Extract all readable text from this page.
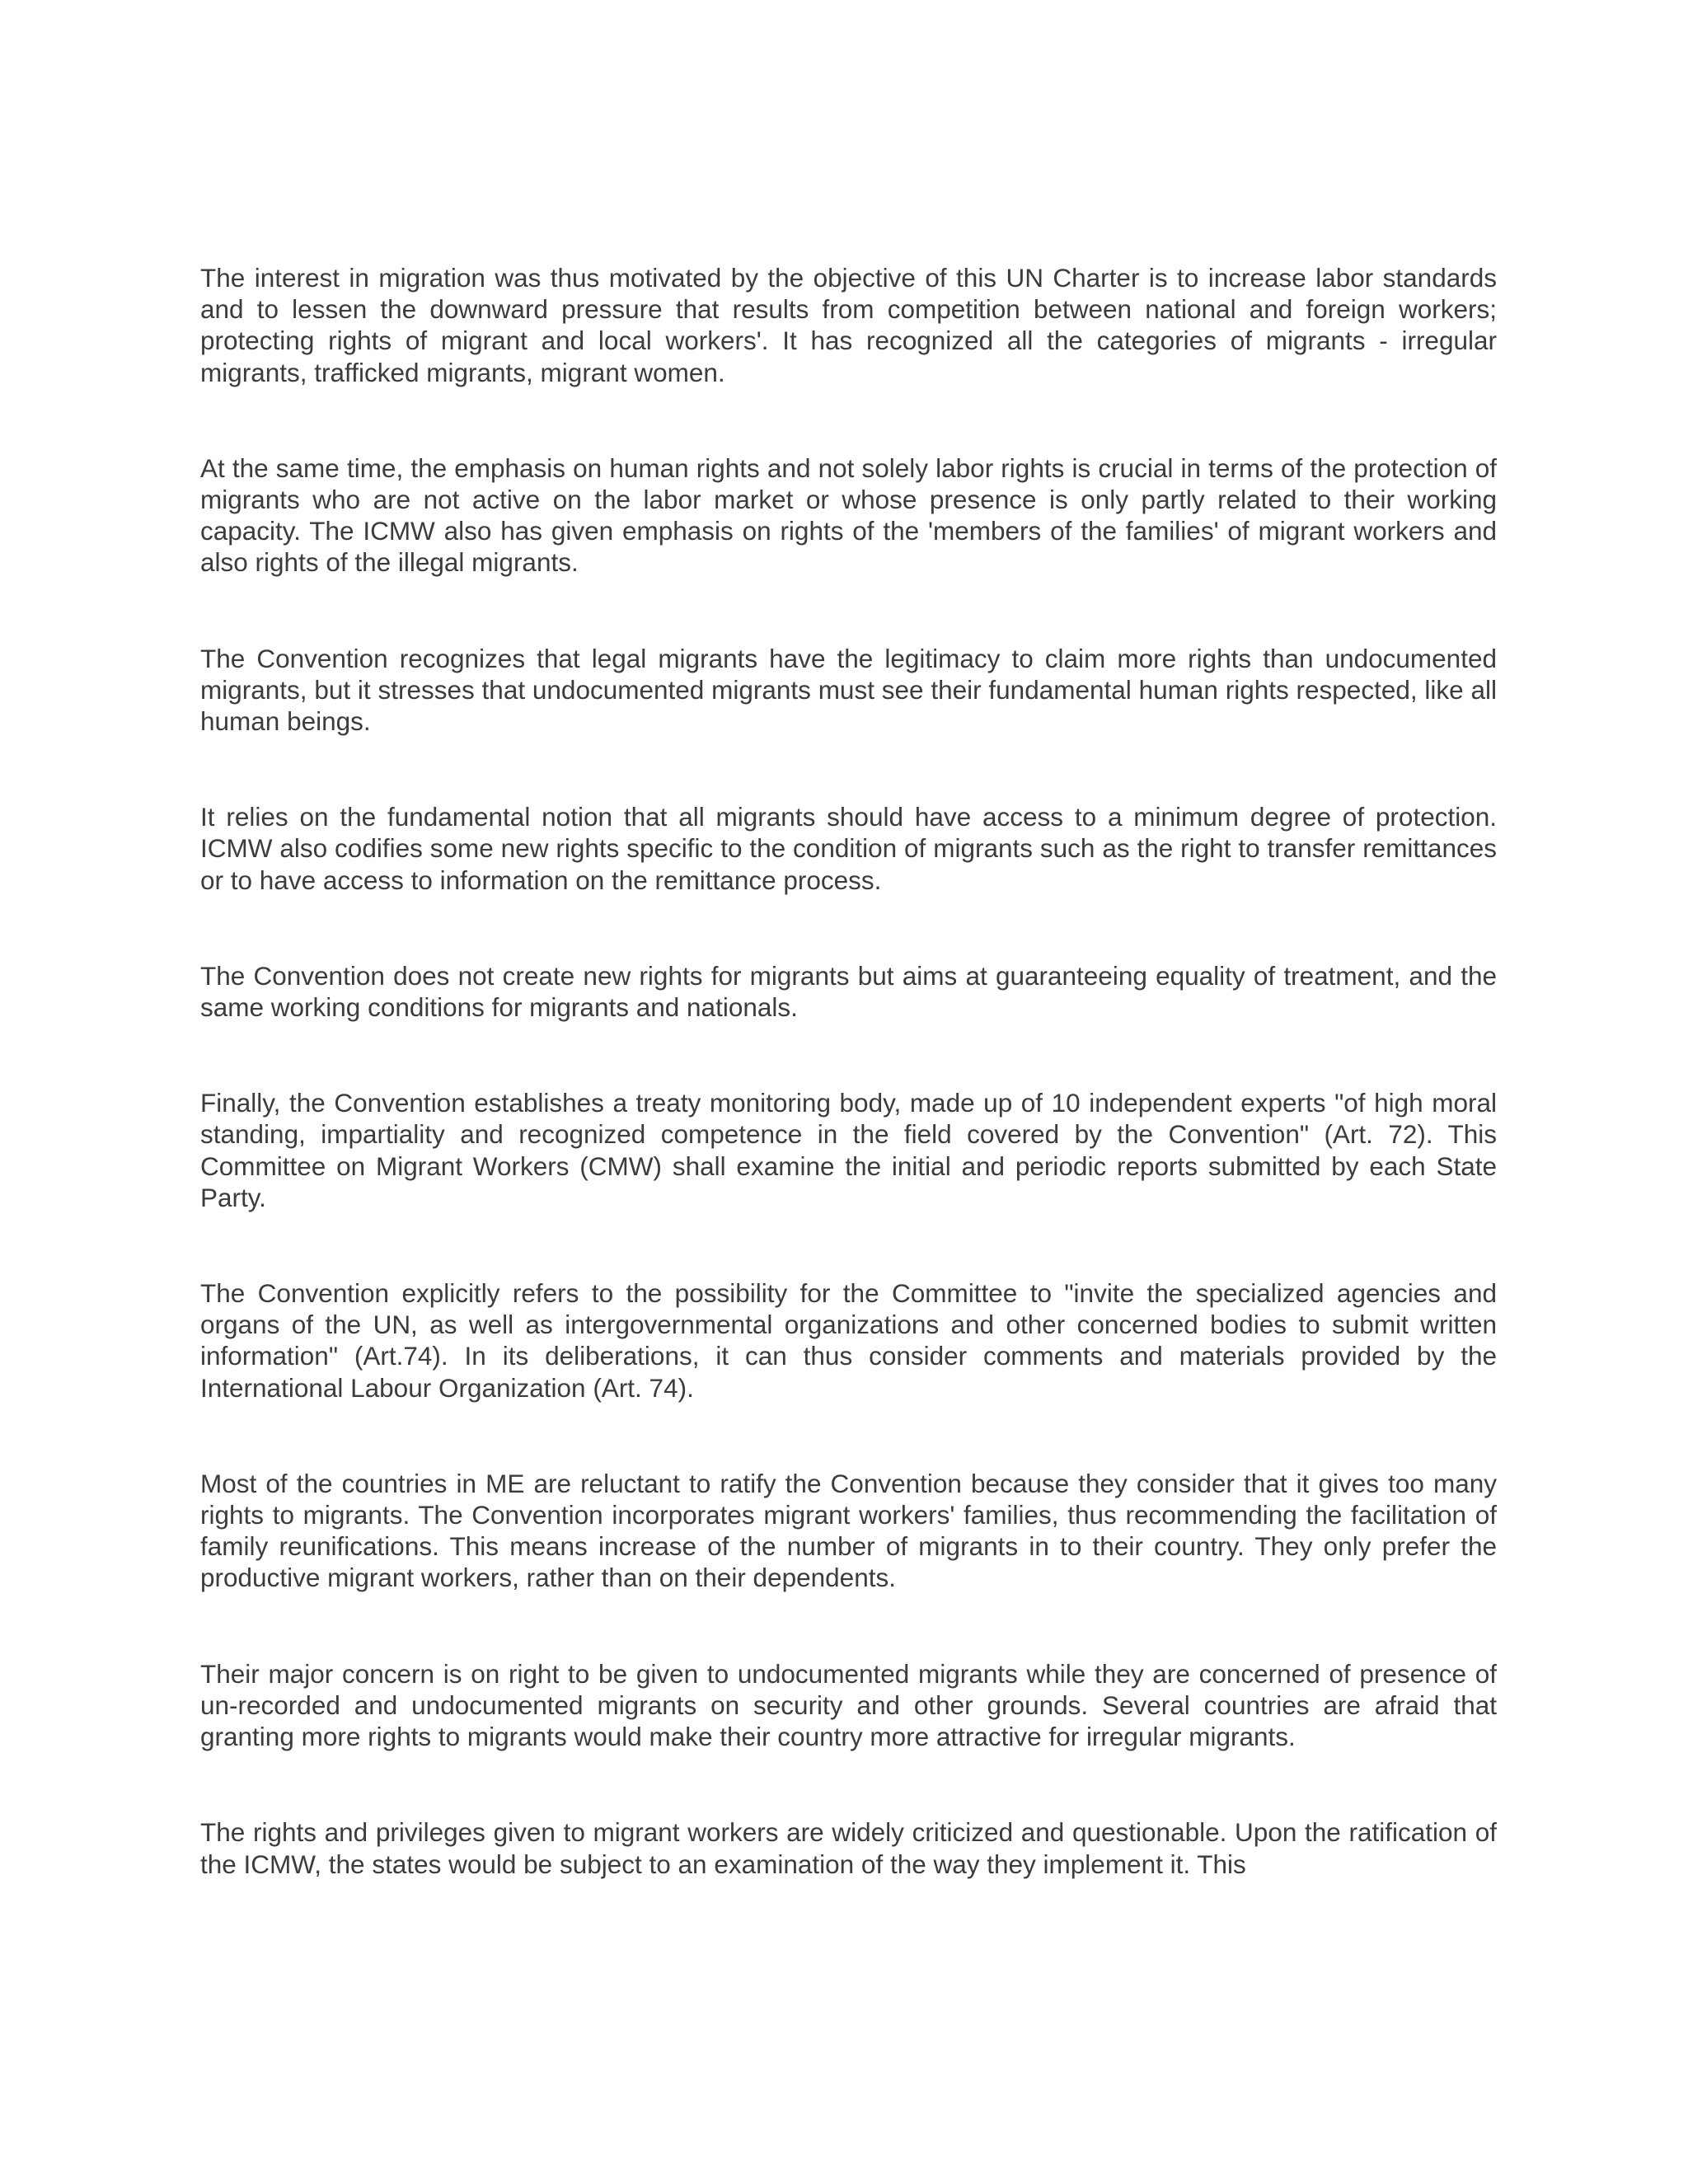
The interest in migration was thus motivated by the objective of this UN Charter is to increase labor standards and to lessen the downward pressure that results from competition between national and foreign workers; protecting rights of migrant and local workers'. It has recognized all the categories of migrants - irregular migrants, trafficked migrants, migrant women.

At the same time, the emphasis on human rights and not solely labor rights is crucial in terms of the protection of migrants who are not active on the labor market or whose presence is only partly related to their working capacity. The ICMW also has given emphasis on rights of the 'members of the families' of migrant workers and also rights of the illegal migrants.

The Convention recognizes that legal migrants have the legitimacy to claim more rights than undocumented migrants, but it stresses that undocumented migrants must see their fundamental human rights respected, like all human beings.

It relies on the fundamental notion that all migrants should have access to a minimum degree of protection. ICMW also codifies some new rights specific to the condition of migrants such as the right to transfer remittances or to have access to information on the remittance process.

The Convention does not create new rights for migrants but aims at guaranteeing equality of treatment, and the same working conditions for migrants and nationals.

Finally, the Convention establishes a treaty monitoring body, made up of 10 independent experts "of high moral standing, impartiality and recognized competence in the field covered by the Convention" (Art. 72). This Committee on Migrant Workers (CMW) shall examine the initial and periodic reports submitted by each State Party.

The Convention explicitly refers to the possibility for the Committee to "invite the specialized agencies and organs of the UN, as well as intergovernmental organizations and other concerned bodies to submit written information" (Art.74). In its deliberations, it can thus consider comments and materials provided by the International Labour Organization (Art. 74).

Most of the countries in ME are reluctant to ratify the Convention because they consider that it gives too many rights to migrants. The Convention incorporates migrant workers' families, thus recommending the facilitation of family reunifications. This means increase of the number of migrants in to their country. They only prefer the productive migrant workers, rather than on their dependents.

Their major concern is on right to be given to undocumented migrants while they are concerned of presence of un-recorded and undocumented migrants on security and other grounds. Several countries are afraid that granting more rights to migrants would make their country more attractive for irregular migrants.

The rights and privileges given to migrant workers are widely criticized and questionable. Upon the ratification of the ICMW, the states would be subject to an examination of the way they implement it. This
